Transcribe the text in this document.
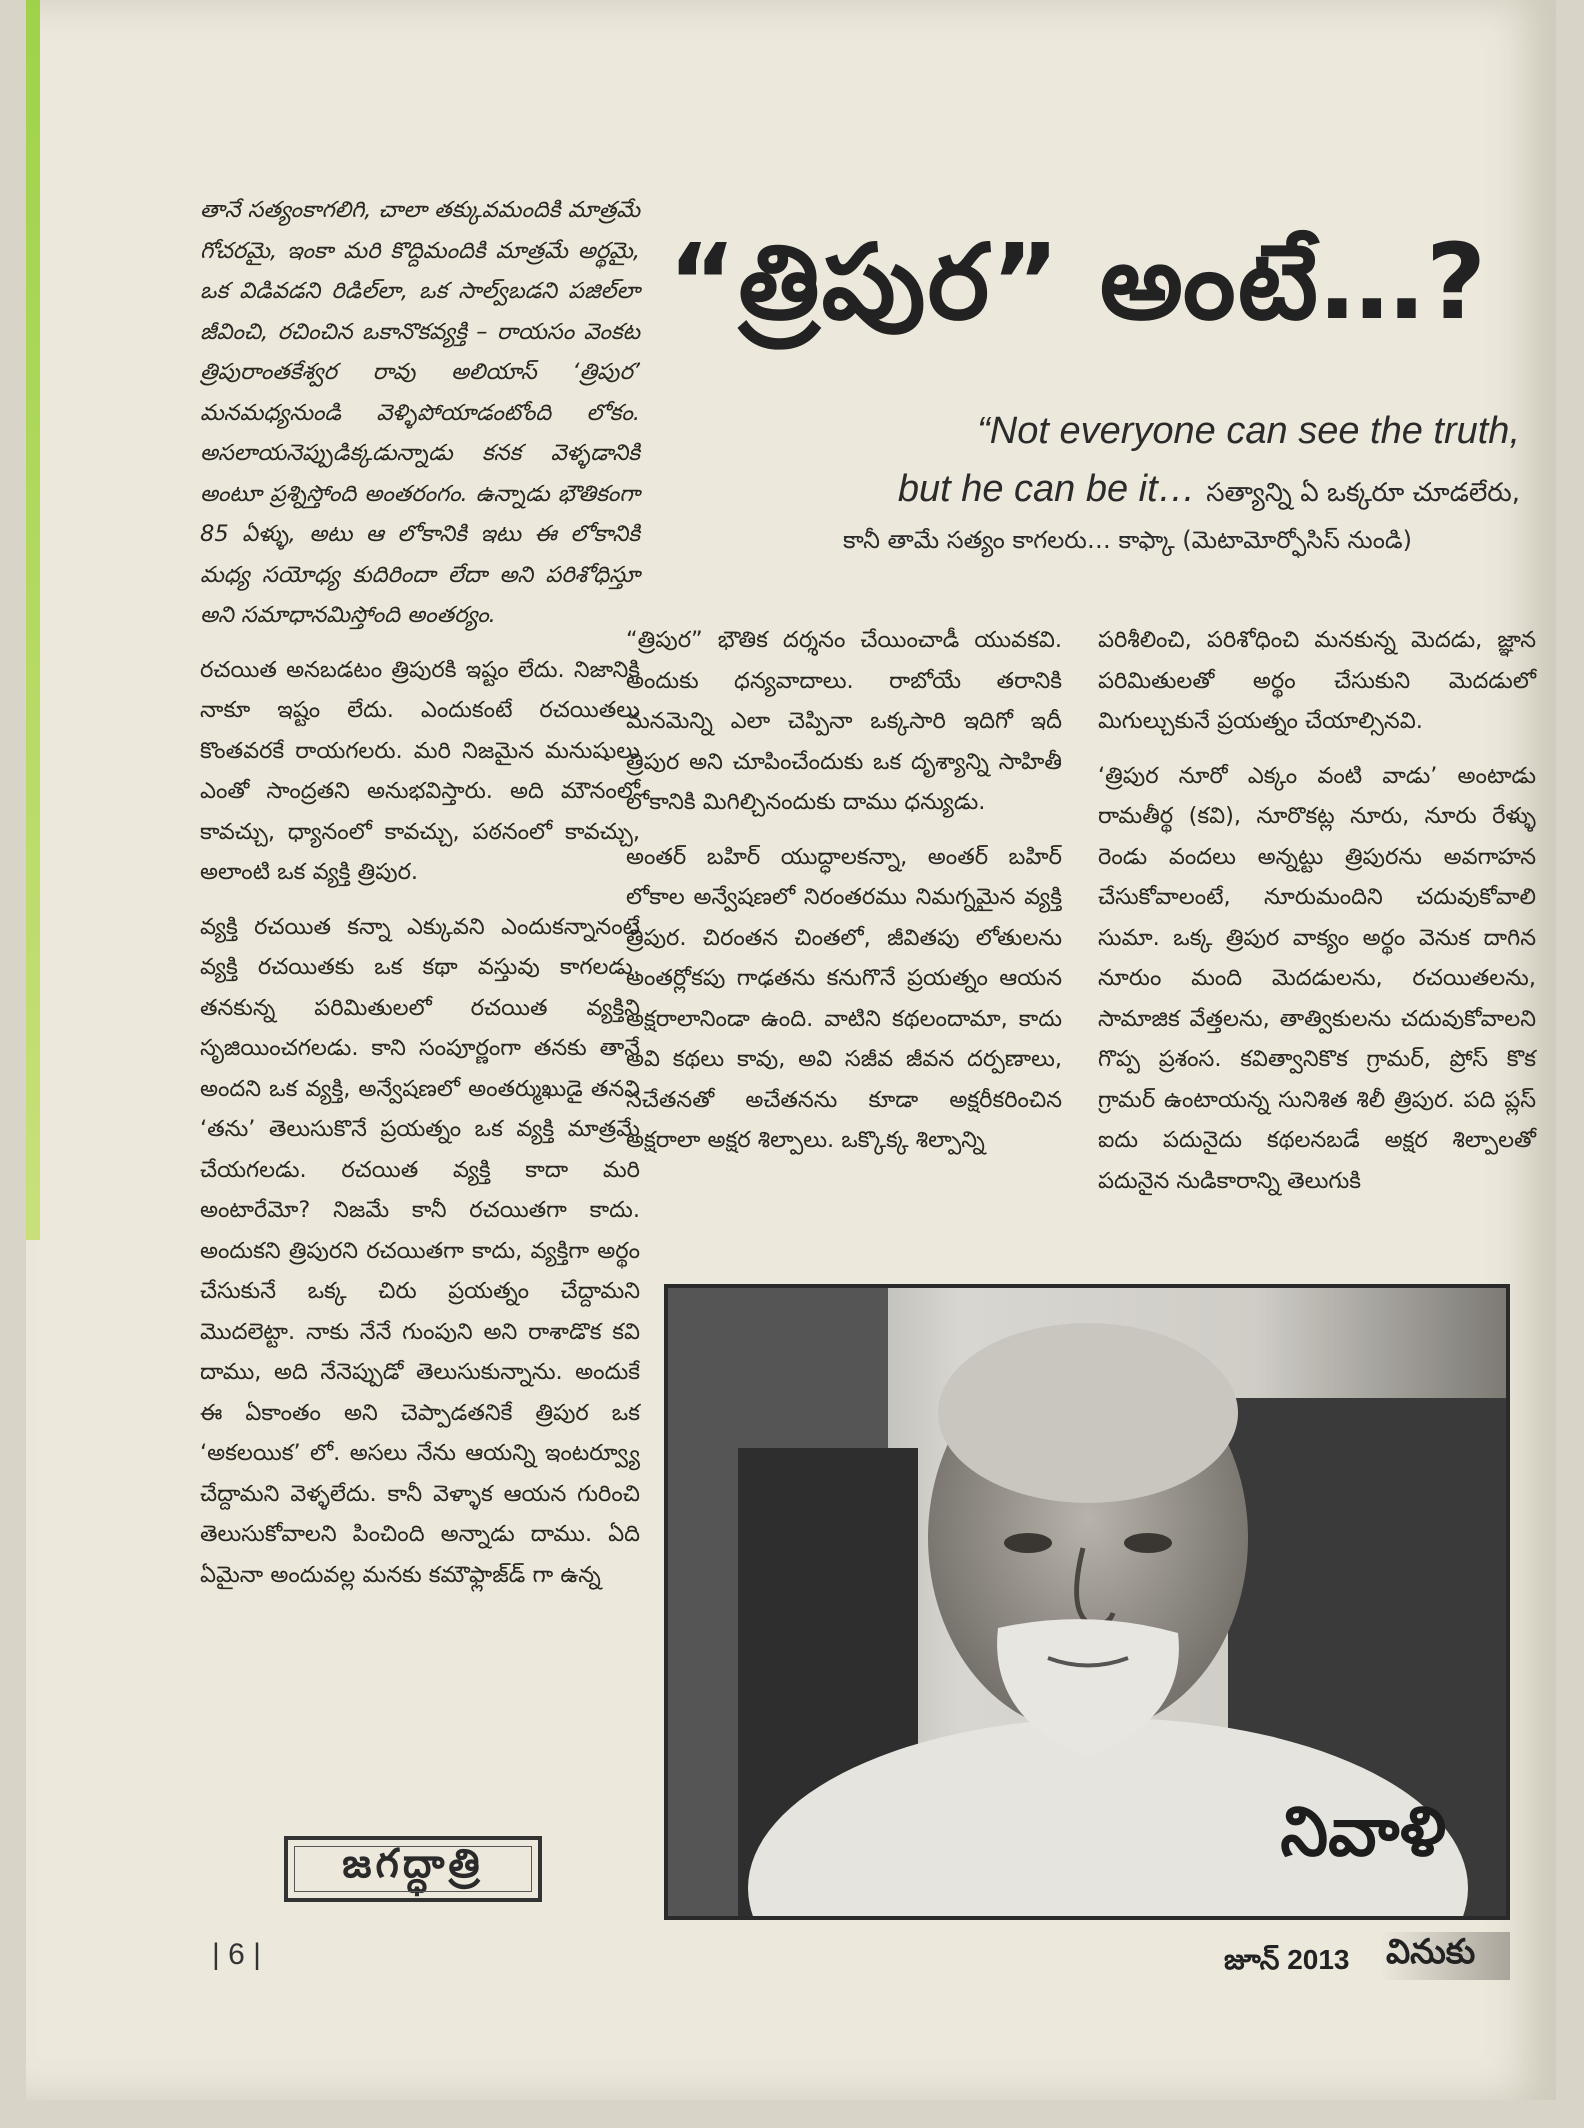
తానే సత్యంకాగలిగి, చాలా తక్కువమందికి మాత్రమే గోచరమై, ఇంకా మరి కొద్దిమందికి మాత్రమే అర్థమై, ఒక విడివడని రిడిల్‌లా, ఒక సాల్వ్‌బడని పజిల్‌లా జీవించి, రచించిన ఒకానొకవ్యక్తి – రాయసం వెంకట త్రిపురాంతకేశ్వర రావు అలియాస్ ‘త్రిపుర’ మనమధ్యనుండి వెళ్ళిపోయాడంటోంది లోకం. అసలాయనెప్పుడిక్కడున్నాడు కనక వెళ్ళడానికి అంటూ ప్రశ్నిస్తోంది అంతరంగం. ఉన్నాడు భౌతికంగా 85 ఏళ్ళు, అటు ఆ లోకానికి ఇటు ఈ లోకానికి మధ్య సయోధ్య కుదిరిందా లేదా అని పరిశోధిస్తూ అని సమాధానమిస్తోంది అంతర్యం.

రచయిత అనబడటం త్రిపురకి ఇష్టం లేదు. నిజానికి నాకూ ఇష్టం లేదు. ఎందుకంటే రచయితలు కొంతవరకే రాయగలరు. మరి నిజమైన మనుషులు ఎంతో సాంద్రతని అనుభవిస్తారు. అది మౌనంలో కావచ్చు, ధ్యానంలో కావచ్చు, పఠనంలో కావచ్చు, అలాంటి ఒక వ్యక్తి త్రిపుర.

వ్యక్తి రచయిత కన్నా ఎక్కువని ఎందుకన్నానంటే వ్యక్తి రచయితకు ఒక కథా వస్తువు కాగలడు. తనకున్న పరిమితులలో రచయిత వ్యక్తిని సృజియించగలడు. కాని సంపూర్ణంగా తనకు తానే అందని ఒక వ్యక్తి, అన్వేషణలో అంతర్ముఖుడై తనని ‘తను’ తెలుసుకొనే ప్రయత్నం ఒక వ్యక్తి మాత్రమే చేయగలడు. రచయిత వ్యక్తి కాదా మరి అంటారేమో? నిజమే కానీ రచయితగా కాదు. అందుకని త్రిపురని రచయితగా కాదు, వ్యక్తిగా అర్థం చేసుకునే ఒక్క చిరు ప్రయత్నం చేద్దామని మొదలెట్టా. నాకు నేనే గుంపుని అని రాశాడొక కవి దాము, అది నేనెప్పుడో తెలుసుకున్నాను. అందుకే ఈ ఏకాంతం అని చెప్పాడతనికే త్రిపుర ఒక ‘అకలయిక’ లో. అసలు నేను ఆయన్ని ఇంటర్వ్యూ చేద్దామని వెళ్ళలేదు. కానీ వెళ్ళాక ఆయన గురించి తెలుసుకోవాలని పించింది అన్నాడు దాము. ఏది ఏమైనా అందువల్ల మనకు కమౌఫ్లాజ్‌డ్ గా ఉన్న

“త్రిపుర” అంటే…?
“Not everyone can see the truth,
but he can be it… సత్యాన్ని ఏ ఒక్కరూ చూడలేరు,
కానీ తామే సత్యం కాగలరు… కాఫ్కా (మెటామోర్ఫోసిస్ నుండి)

“త్రిపుర” భౌతిక దర్శనం చేయించాడీ యువకవి. అందుకు ధన్యవాదాలు. రాబోయే తరానికి మనమెన్ని ఎలా చెప్పినా ఒక్కసారి ఇదిగో ఇదీ త్రిపుర అని చూపించేందుకు ఒక దృశ్యాన్ని సాహితీ లోకానికి మిగిల్చినందుకు దాము ధన్యుడు.

అంతర్ బహిర్ యుద్ధాలకన్నా, అంతర్ బహిర్ లోకాల అన్వేషణలో నిరంతరము నిమగ్నమైన వ్యక్తి త్రిపుర. చిరంతన చింతలో, జీవితపు లోతులను అంతర్లోకపు గాఢతను కనుగొనే ప్రయత్నం ఆయన అక్షరాలానిండా ఉంది. వాటిని కథలందామా, కాదు అవి కథలు కావు, అవి సజీవ జీవన దర్పణాలు, సచేతనతో అచేతనను కూడా అక్షరీకరించిన అక్షరాలా అక్షర శిల్పాలు. ఒక్కొక్క శిల్పాన్ని

పరిశీలించి, పరిశోధించి మనకున్న మెదడు, జ్ఞాన పరిమితులతో అర్థం చేసుకుని మెదడులో మిగుల్చుకునే ప్రయత్నం చేయాల్సినవి.

‘త్రిపుర నూరో ఎక్కం వంటి వాడు’ అంటాడు రామతీర్థ (కవి), నూరొకట్ల నూరు, నూరు రేళ్ళు రెండు వందలు అన్నట్టు త్రిపురను అవగాహన చేసుకోవాలంటే, నూరుమందిని చదువుకోవాలి సుమా. ఒక్క త్రిపుర వాక్యం అర్థం వెనుక దాగిన నూరుం మంది మెదడులను, రచయితలను, సామాజిక వేత్తలను, తాత్వికులను చదువుకోవాలని గొప్ప ప్రశంస. కవిత్వానికొక గ్రామర్, ప్రోస్ కొక గ్రామర్ ఉంటాయన్న సునిశిత శిలీ త్రిపుర. పది ప్లస్ ఐదు పదునైదు కథలనబడే అక్షర శిల్పాలతో పదునైన నుడికారాన్ని తెలుగుకి

నివాళి
జగద్ధాత్రి
| 6 |	జూన్ 2013 వినుకు
